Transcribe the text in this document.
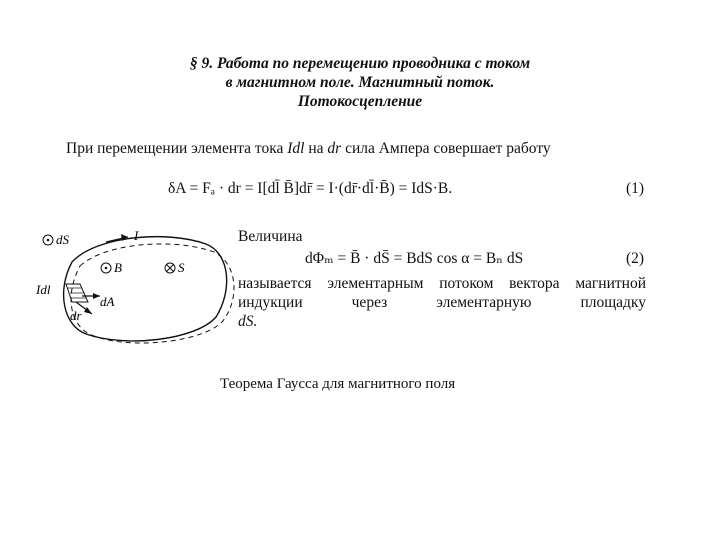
§ 9. Работа по перемещению проводника с током
в магнитном поле. Магнитный поток.
Потокосцепление
При перемещении элемента тока Idl на dr сила Ампера совершает работу
δA = Fₐ · dr = I[dl̄ B̄]dr̄ = I·(dr̄·dl̄·B̄) = IdS·B.	(1)
Величина
dΦₘ = B̄ · dS̄ = BdS cos α = Bₙ dS	(2)
называется элементарным потоком вектора магнитной индукции через элементарную площадку
dS.
dS	I
B	S
Idl
dA
dr
Теорема Гаусса для магнитного поля
